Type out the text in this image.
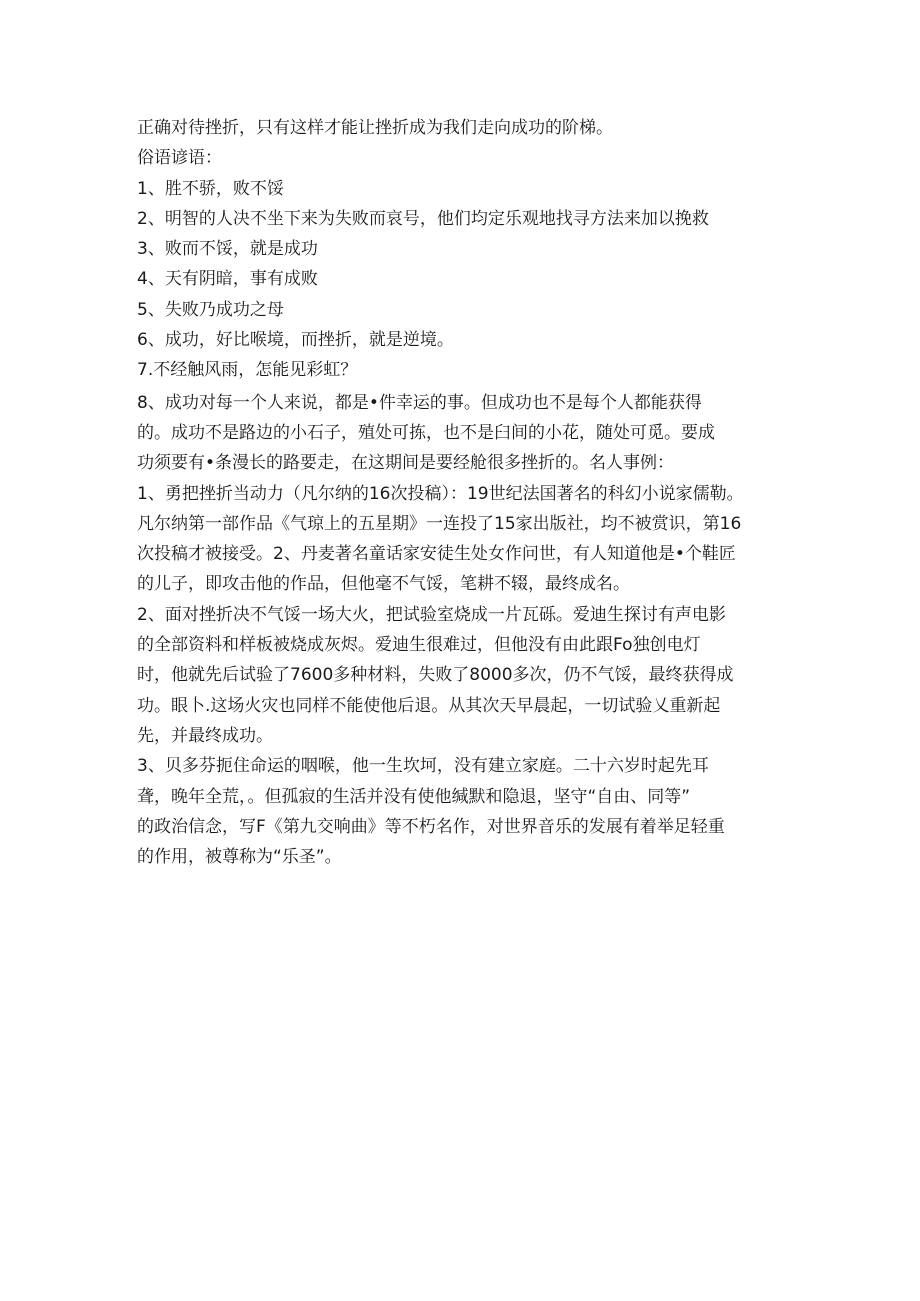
正确对待挫折，只有这样才能让挫折成为我们走向成功的阶梯。

俗语谚语：

1、胜不骄，败不馁

2、明智的人决不坐下来为失败而哀号，他们均定乐观地找寻方法来加以挽救

3、败而不馁，就是成功

4、天有阴暗，事有成败

5、失败乃成功之母

6、成功，好比喉境，而挫折，就是逆境。

7.不经触风雨，怎能见彩虹？

8、成功对每一个人来说，都是•件幸运的事。但成功也不是每个人都能获得

的。成功不是路边的小石子，殖处可拣，也不是臼间的小花，随处可觅。要成

功须要有•条漫长的路要走，在这期间是要经舱很多挫折的。名人事例：

1、勇把挫折当动力（凡尔纳的16次投稿）：19世纪法国著名的科幻小说家儒勒。

凡尔纳第一部作品《气琼上的五星期》一连投了15家出版社，均不被赏识，第16

次投稿才被接受。2、丹麦著名童话家安徒生处女作问世，有人知道他是•个鞋匠

的儿子，即攻击他的作品，但他毫不气馁，笔耕不辍，最终成名。

2、面对挫折决不气馁一场大火，把试验室烧成一片瓦砾。爱迪生探讨有声电影

的全部资料和样板被烧成灰烬。爱迪生很难过，但他没有由此跟Fo独创电灯

时，他就先后试验了7600多种材料，失败了8000多次，仍不气馁，最终获得成

功。眼卜.这场火灾也同样不能使他后退。从其次天早晨起，一切试验乂重新起

先，并最终成功。

3、贝多芬扼住命运的咽喉，他一生坎坷，没有建立家庭。二十六岁时起先耳

聋，晚年全荒，。但孤寂的生活并没有使他缄默和隐退，坚守“自由、同等”

的政治信念，写F《第九交响曲》等不朽名作，对世界音乐的发展有着举足轻重

的作用，被尊称为“乐圣”。
